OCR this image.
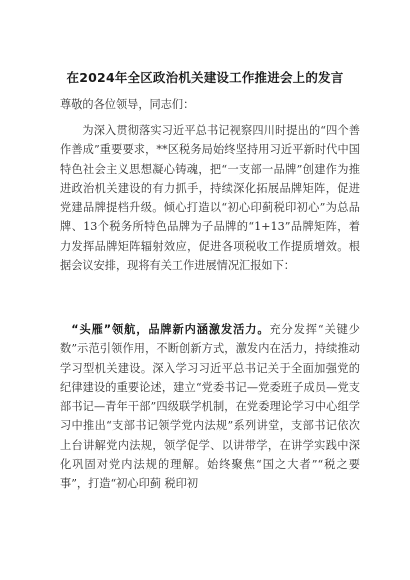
在2024年全区政治机关建设工作推进会上的发言
尊敬的各位领导，同志们：
为深入贯彻落实习近平总书记视察四川时提出的“四个善作善成”重要要求，**区税务局始终坚持用习近平新时代中国特色社会主义思想凝心铸魂，把“一支部一品牌”创建作为推进政治机关建设的有力抓手，持续深化拓展品牌矩阵，促进党建品牌提档升级。倾心打造以“初心印蓟税印初心”为总品牌、13个税务所特色品牌为子品牌的“1+13”品牌矩阵，着力发挥品牌矩阵辐射效应，促进各项税收工作提质增效。根据会议安排，现将有关工作进展情况汇报如下：
“头雁”领航，品牌新内涵激发活力。充分发挥“关键少数”示范引领作用，不断创新方式，激发内在活力，持续推动学习型机关建设。深入学习习近平总书记关于全面加强党的纪律建设的重要论述，建立“党委书记—党委班子成员—党支部书记—青年干部”四级联学机制，在党委理论学习中心组学习中推出“支部书记领学党内法规”系列讲堂，支部书记依次上台讲解党内法规，领学促学、以讲带学，在讲学实践中深化巩固对党内法规的理解。始终聚焦“国之大者”“税之要事”，打造“初心印蓟 税印初
